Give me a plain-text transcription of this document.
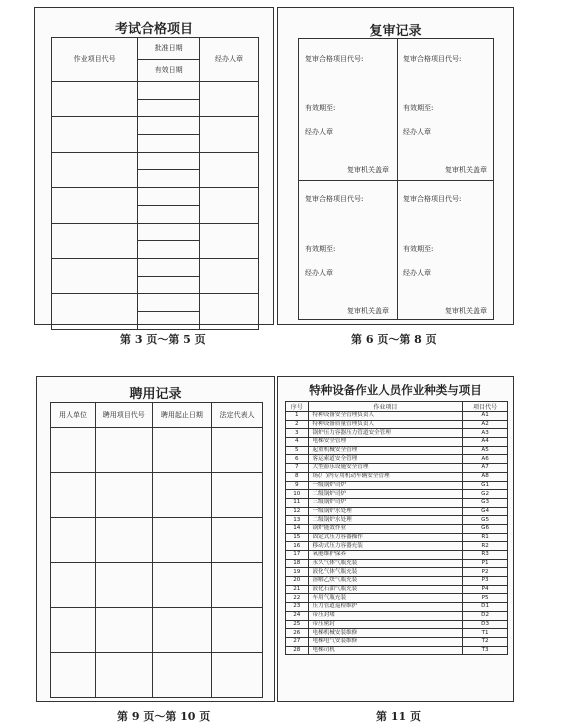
考试合格项目
作业项目代号	批准日期	经办人章
	有效日期	

第 3 页～第 5 页
复审记录
复审合格项目代号:
有效期至:
经办人章
复审机关盖章
复审合格项目代号:
有效期至:
经办人章
复审机关盖章
复审合格项目代号:
有效期至:
经办人章
复审机关盖章
复审合格项目代号:
有效期至:
经办人章
复审机关盖章
第 6 页～第 8 页
聘用记录
用人单位	聘用项目代号	聘用起止日期	法定代表人

第 9 页～第 10 页
特种设备作业人员作业种类与项目
序号	作业项目	项目代号
1	特种设备安全管理负责人	A1
2	特种设备质量管理负责人	A2
3	锅炉压力容器压力管道安全管理	A3
4	电梯安全管理	A4
5	起重机械安全管理	A5
6	客运索道安全管理	A6
7	大型游乐设施安全管理	A7
8	场(厂)内专用机动车辆安全管理	A8
9	一级锅炉司炉	G1
10	二级锅炉司炉	G2
11	三级锅炉司炉	G3
12	一级锅炉水处理	G4
13	二级锅炉水处理	G5
14	锅炉能效作业	G6
15	固定式压力容器操作	R1
16	移动式压力容器充装	R2
17	氧舱维护保养	R3
18	永久气体气瓶充装	P1
19	液化气体气瓶充装	P2
20	溶解乙炔气瓶充装	P3
21	液化石油气瓶充装	P4
22	车用气瓶充装	P5
23	压力管道巡检维护	D1
24	带压封堵	D2
25	带压密封	D3
26	电梯机械安装维修	T1
27	电梯电气安装维修	T2
28	电梯司机	T3
第 11 页
